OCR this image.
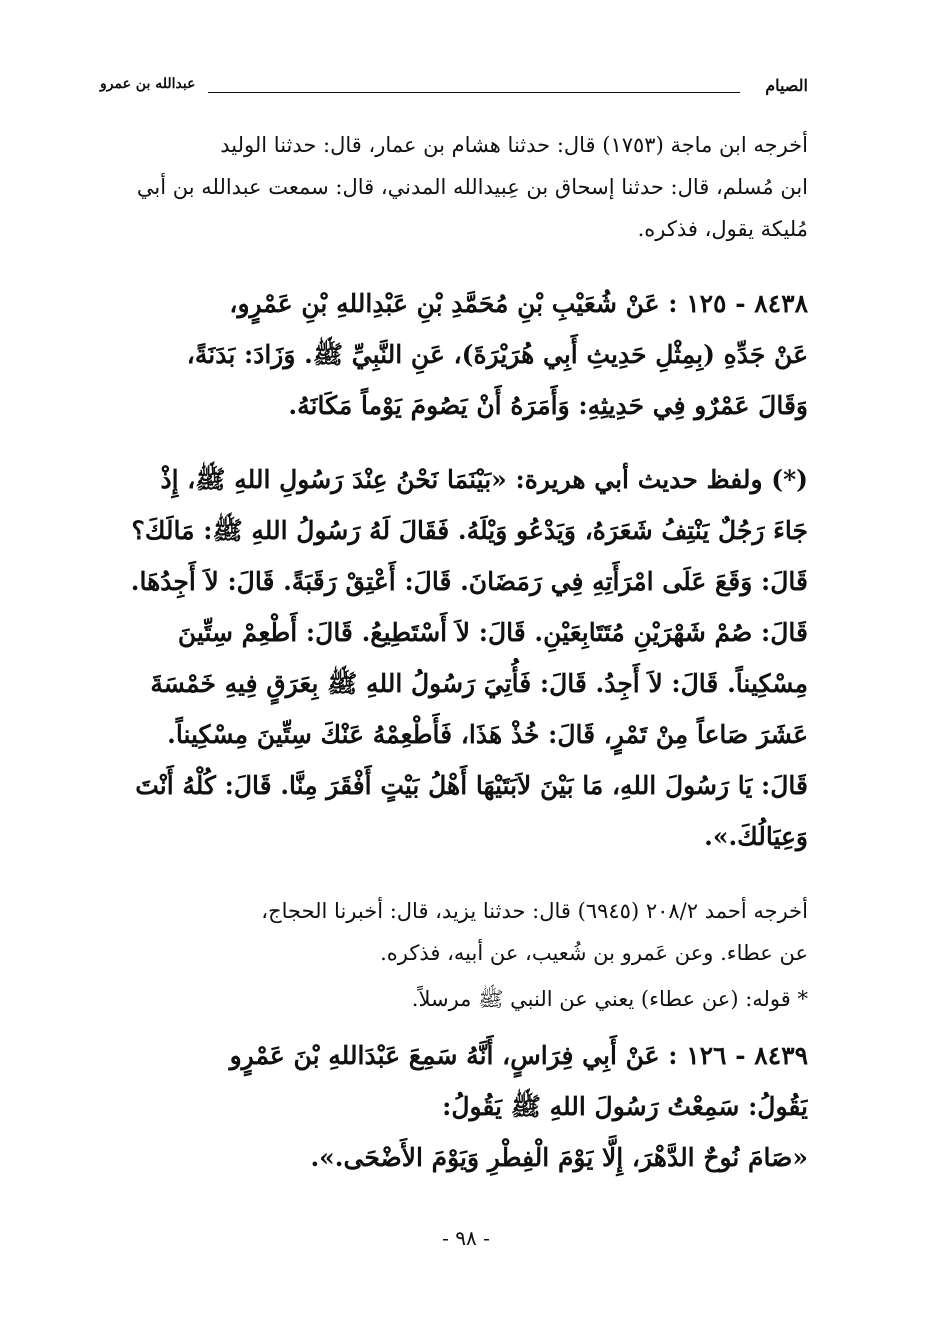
الصيام
عبدالله بن عمرو
أخرجه ابن ماجة (١٧٥٣) قال: حدثنا هشام بن عمار، قال: حدثنا الوليد
ابن مُسلم، قال: حدثنا إسحاق بن عِبيدالله المدني، قال: سمعت عبدالله بن أبي
مُليكة يقول، فذكره.
٨٤٣٨ - ١٢٥ : عَنْ شُعَيْبِ بْنِ مُحَمَّدِ بْنِ عَبْدِاللهِ بْنِ عَمْرٍو،
عَنْ جَدِّهِ (بِمِثْلِ حَدِيثِ أَبِي هُرَيْرَةَ)، عَنِ النَّبِيِّ ﷺ. وَزَادَ: بَدَنَةً،
وَقَالَ عَمْرٌو فِي حَدِيثِهِ: وَأَمَرَهُ أَنْ يَصُومَ يَوْماً مَكَانَهُ.
(*) ولفظ حديث أبي هريرة: «بَيْنَمَا نَحْنُ عِنْدَ رَسُولِ اللهِ ﷺ، إِذْ
جَاءَ رَجُلٌ يَنْتِفُ شَعَرَهُ، وَيَدْعُو وَيْلَهُ. فَقَالَ لَهُ رَسُولُ اللهِ ﷺ: مَالَكَ؟
قَالَ: وَقَعَ عَلَى امْرَأَتِهِ فِي رَمَضَانَ. قَالَ: أَعْتِقْ رَقَبَةً. قَالَ: لاَ أَجِدُهَا.
قَالَ: صُمْ شَهْرَيْنِ مُتَتَابِعَيْنِ. قَالَ: لاَ أَسْتَطِيعُ. قَالَ: أَطْعِمْ سِتِّينَ
مِسْكِيناً. قَالَ: لاَ أَجِدُ. قَالَ: فَأُتِيَ رَسُولُ اللهِ ﷺ بِعَرَقٍ فِيهِ خَمْسَةَ
عَشَرَ صَاعاً مِنْ تَمْرٍ، قَالَ: خُذْ هَذَا، فَأَطْعِمْهُ عَنْكَ سِتِّينَ مِسْكِيناً.
قَالَ: يَا رَسُولَ اللهِ، مَا بَيْنَ لاَبَتَيْهَا أَهْلُ بَيْتٍ أَفْقَرَ مِنَّا. قَالَ: كُلْهُ أَنْتَ
وَعِيَالُكَ.».
أخرجه أحمد ٢٠٨/٢ (٦٩٤٥) قال: حدثنا يزيد، قال: أخبرنا الحجاج،
عن عطاء. وعن عَمرو بن شُعيب، عن أبيه، فذكره.
* قوله: (عن عطاء) يعني عن النبي ﷺ مرسلاً.
٨٤٣٩ - ١٢٦ : عَنْ أَبِي فِرَاسٍ، أَنَّهُ سَمِعَ عَبْدَاللهِ بْنَ عَمْرٍو
يَقُولُ: سَمِعْتُ رَسُولَ اللهِ ﷺ يَقُولُ:
«صَامَ نُوحٌ الدَّهْرَ، إِلَّا يَوْمَ الْفِطْرِ وَيَوْمَ الأَضْحَى.».
- ٩٨ -
